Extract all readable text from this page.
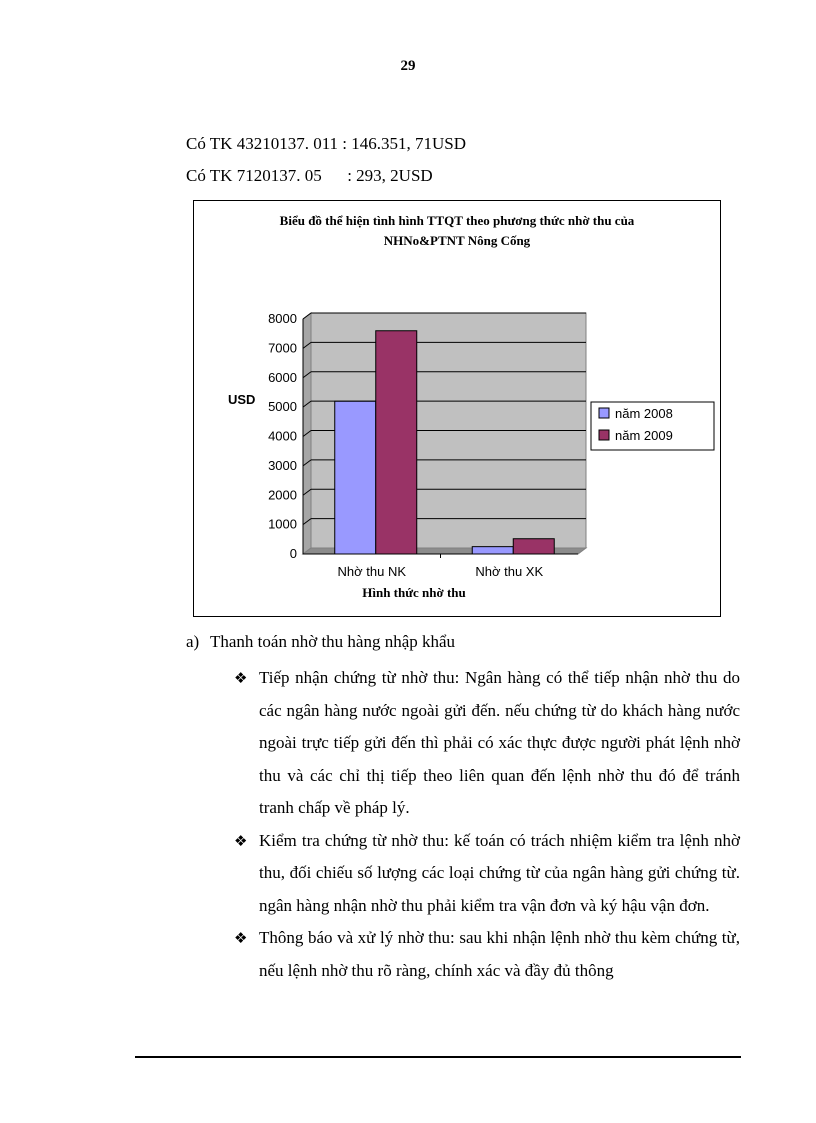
29
Có TK 43210137. 011 : 146.351, 71USD
Có TK 7120137. 05      : 293, 2USD
Biểu đồ thể hiện tình hình TTQT theo phương thức nhờ thu của
NHNo&PTNT Nông Cống
0
1000
2000
3000
4000
5000
6000
7000
8000
Nhờ thu NK	Nhờ thu XK
USD
Hình thức nhờ thu
năm 2008
năm 2009
a) Thanh toán nhờ thu hàng nhập khẩu
❖ Tiếp nhận chứng từ nhờ thu: Ngân hàng có thể tiếp nhận nhờ thu do các ngân hàng nước ngoài gửi đến. nếu chứng từ do khách hàng nước ngoài trực tiếp gửi đến thì phải có xác thực được người phát lệnh nhờ thu và các chỉ thị tiếp theo liên quan đến lệnh nhờ thu đó để tránh tranh chấp về pháp lý.
❖ Kiểm tra chứng từ nhờ thu: kế toán có trách nhiệm kiểm tra lệnh nhờ thu, đối chiếu số lượng các loại chứng từ của ngân hàng gửi chứng từ. ngân hàng nhận nhờ thu phải kiểm tra vận đơn và ký hậu vận đơn.
❖ Thông báo và xử lý nhờ thu: sau khi nhận lệnh nhờ thu kèm chứng từ, nếu lệnh nhờ thu rõ ràng, chính xác và đầy đủ thông
